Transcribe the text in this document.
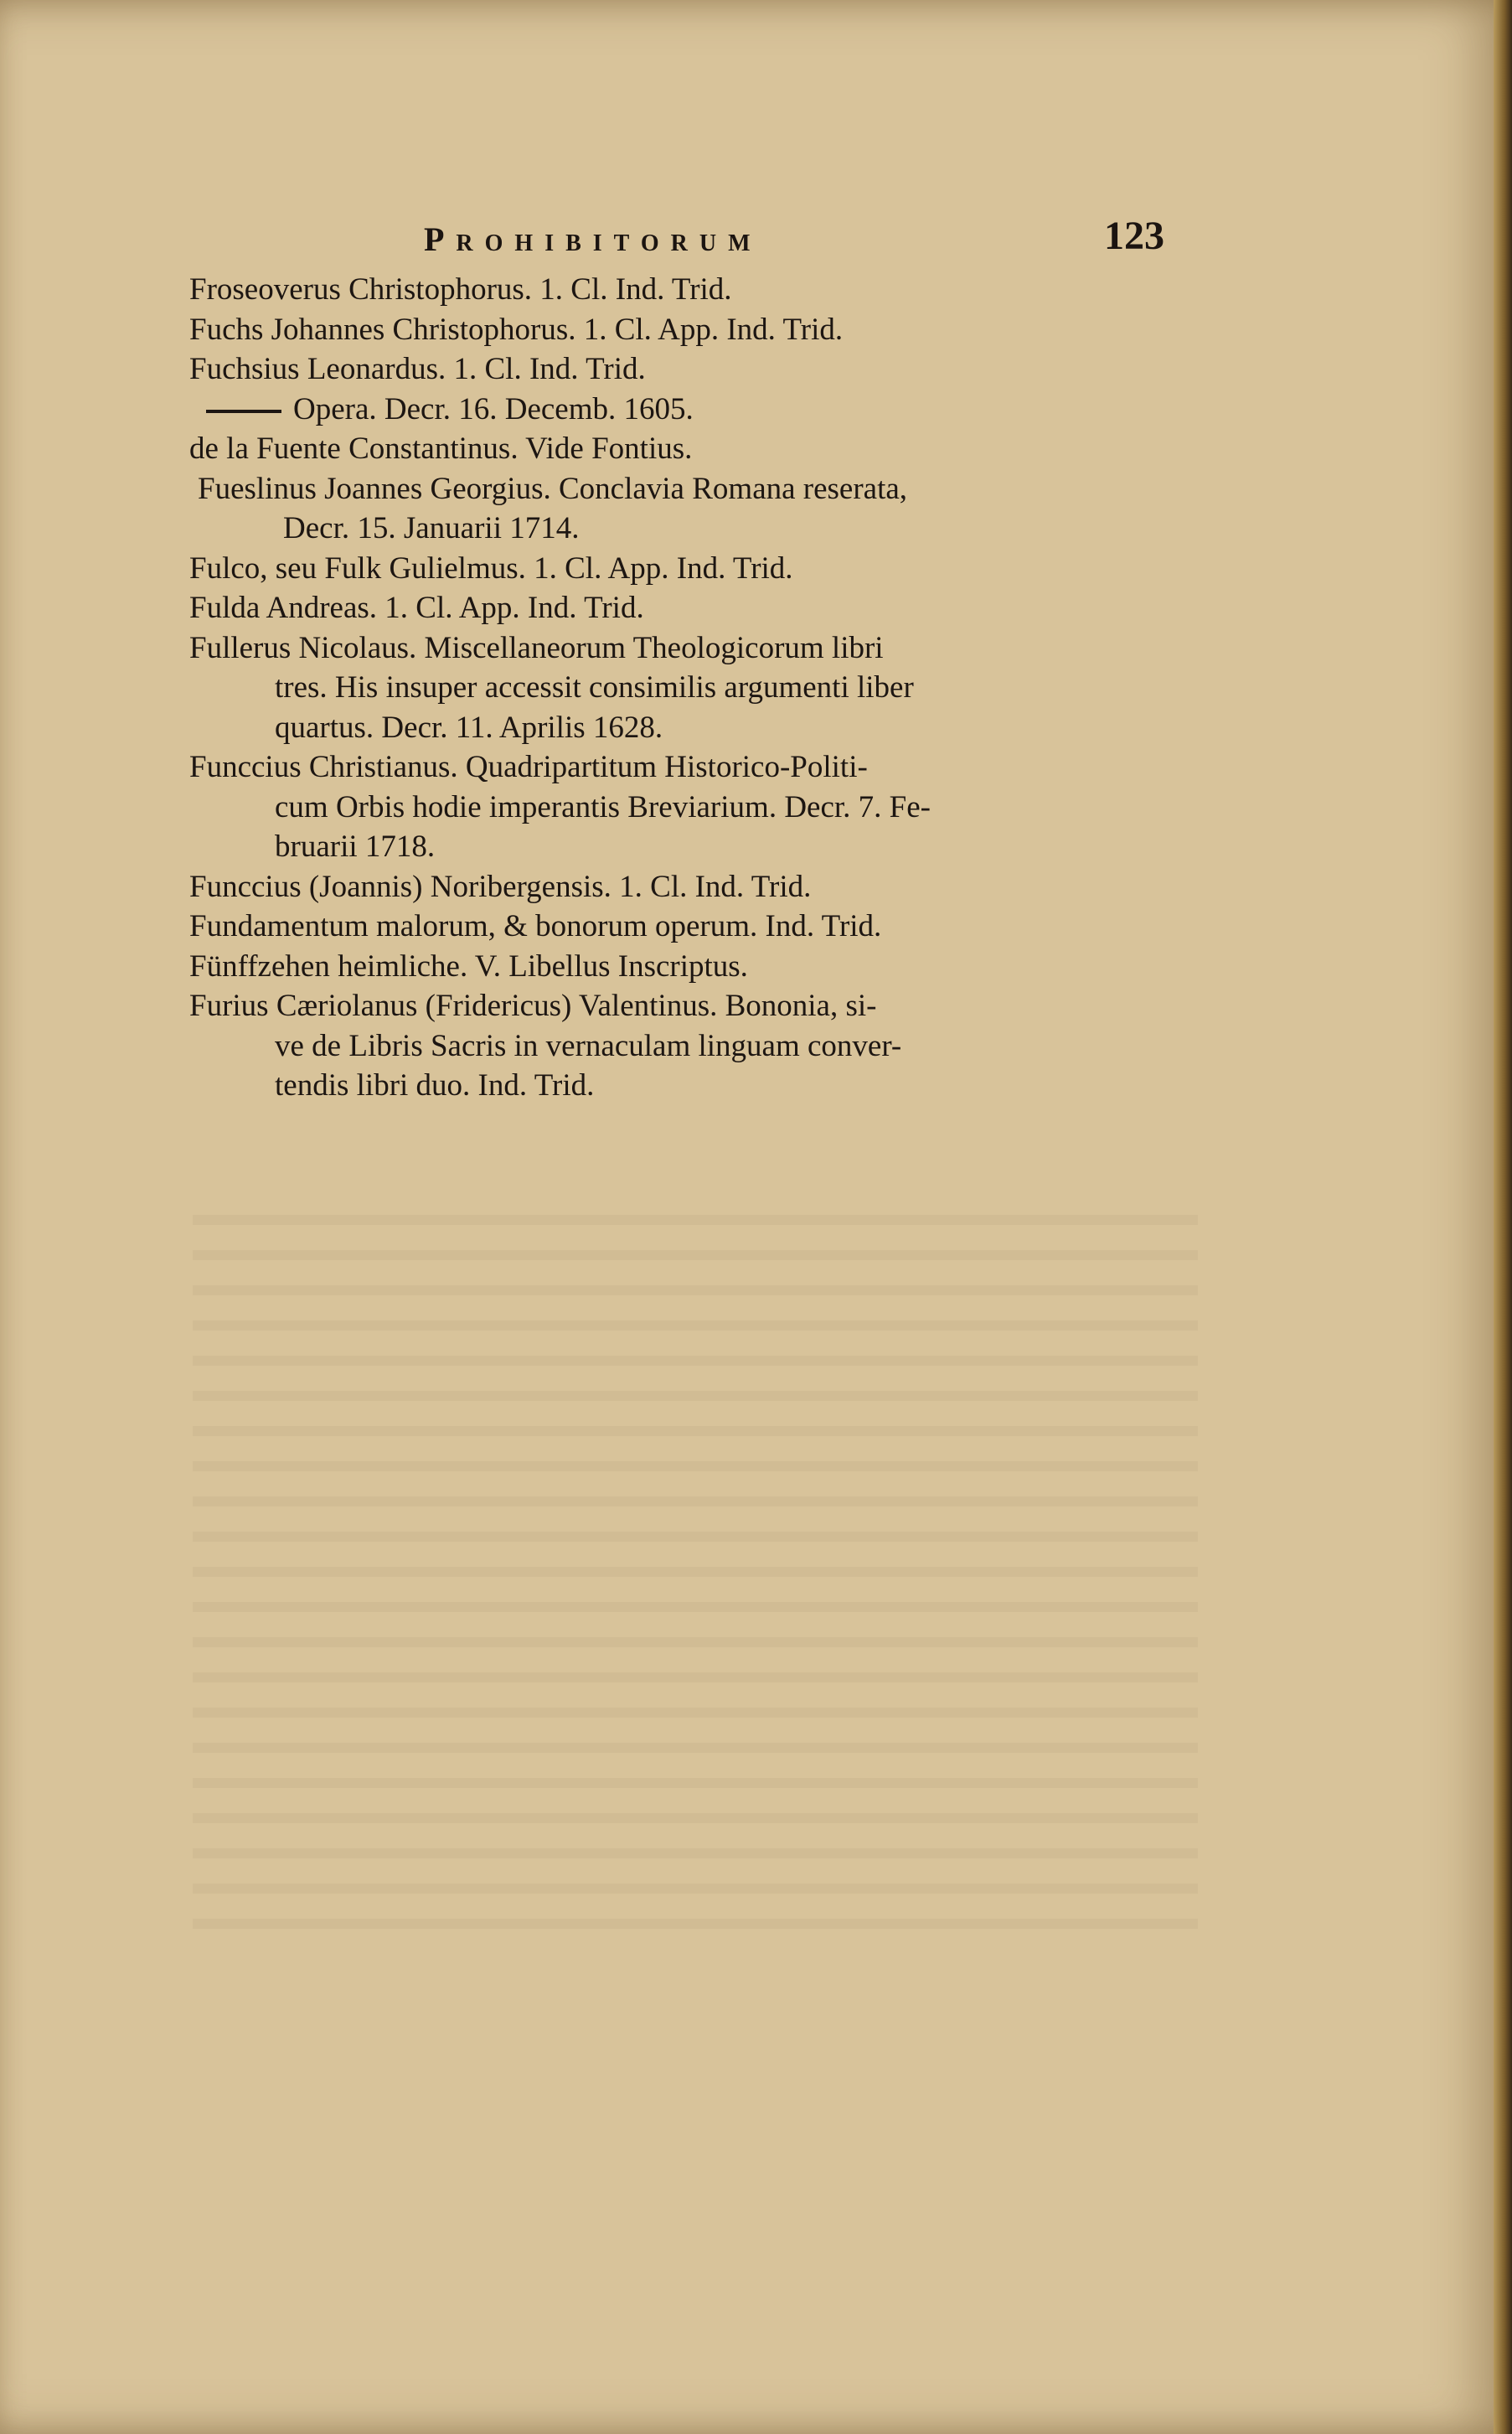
Prohibitorum	123
Froseoverus Christophorus. 1. Cl. Ind. Trid.
Fuchs Johannes Christophorus. 1. Cl. App. Ind. Trid.
Fuchsius Leonardus. 1. Cl. Ind. Trid.
Opera. Decr. 16. Decemb. 1605.
de la Fuente Constantinus. Vide Fontius.
Fueslinus Joannes Georgius. Conclavia Romana reserata,
Decr. 15. Januarii 1714.
Fulco, seu Fulk Gulielmus. 1. Cl. App. Ind. Trid.
Fulda Andreas. 1. Cl. App. Ind. Trid.
Fullerus Nicolaus. Miscellaneorum Theologicorum libri
tres. His insuper accessit consimilis argumenti liber
quartus. Decr. 11. Aprilis 1628.
Funccius Christianus. Quadripartitum Historico-Politi-
cum Orbis hodie imperantis Breviarium. Decr. 7. Fe-
bruarii 1718.
Funccius (Joannis) Noribergensis. 1. Cl. Ind. Trid.
Fundamentum malorum, & bonorum operum. Ind. Trid.
Fünffzehen heimliche. V. Libellus Inscriptus.
Furius Cæriolanus (Fridericus) Valentinus. Bononia, si-
ve de Libris Sacris in vernaculam linguam conver-
tendis libri duo. Ind. Trid.
